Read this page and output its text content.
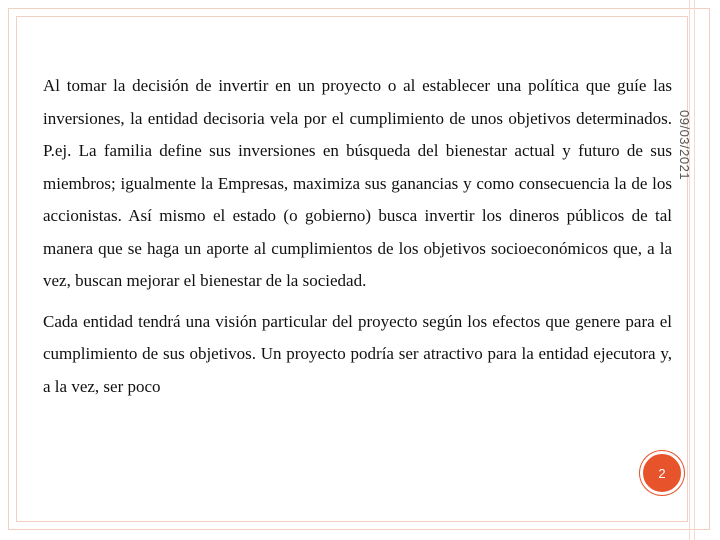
09/03/2021

Al tomar la decisión de invertir en un proyecto o al establecer una política que guíe las inversiones, la entidad decisoria vela por el cumplimiento de unos objetivos determinados. P.ej. La familia define sus inversiones en búsqueda del bienestar actual y futuro de sus miembros; igualmente la Empresas, maximiza sus ganancias y como consecuencia la de los accionistas. Así mismo el estado (o gobierno) busca invertir los dineros públicos de tal manera que se haga un aporte al cumplimientos de los objetivos socioeconómicos que, a la vez, buscan mejorar el bienestar de la sociedad.

Cada entidad tendrá una visión particular del proyecto según los efectos que genere para el cumplimiento de sus objetivos. Un proyecto podría ser atractivo para la entidad ejecutora y, a la vez, ser poco

2
